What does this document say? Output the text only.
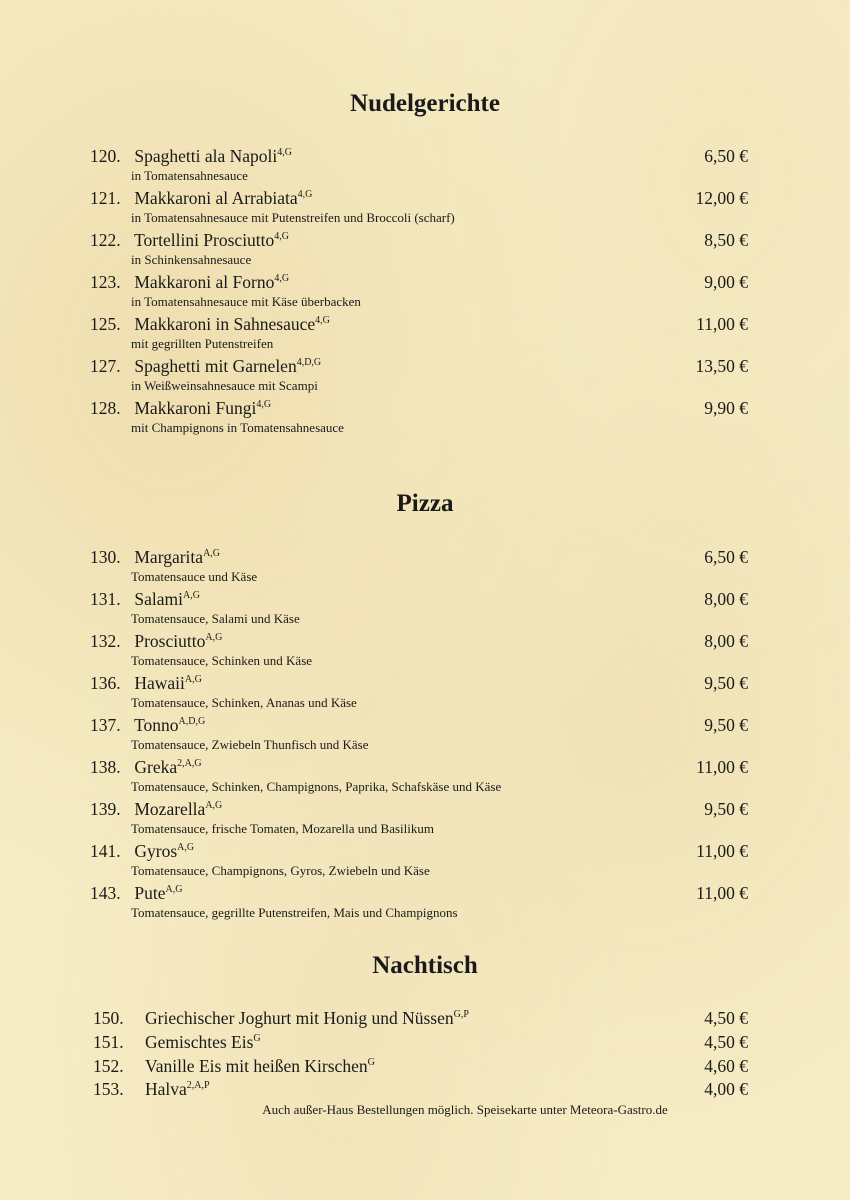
Nudelgerichte
120. Spaghetti ala Napoli$^{4,G}$	6,50 €
in Tomatensahnesauce
121. Makkaroni al Arrabiata$^{4,G}$	12,00 €
in Tomatensahnesauce mit Putenstreifen und Broccoli (scharf)
122. Tortellini Prosciutto$^{4,G}$	8,50 €
in Schinkensahnesauce
123. Makkaroni al Forno$^{4,G}$	9,00 €
in Tomatensahnesauce mit Käse überbacken
125. Makkaroni in Sahnesauce$^{4,G}$	11,00 €
mit gegrillten Putenstreifen
127. Spaghetti mit Garnelen$^{4,D,G}$	13,50 €
in Weißweinsahnesauce mit Scampi
128. Makkaroni Fungi$^{4,G}$	9,90 €
mit Champignons in Tomatensahnesauce
Pizza
130. Margarita$^{A,G}$	6,50 €
Tomatensauce und Käse
131. Salami$^{A,G}$	8,00 €
Tomatensauce, Salami und Käse
132. Prosciutto$^{A,G}$	8,00 €
Tomatensauce, Schinken und Käse
136. Hawaii$^{A,G}$	9,50 €
Tomatensauce, Schinken, Ananas und Käse
137. Tonno$^{A,D,G}$	9,50 €
Tomatensauce, Zwiebeln Thunfisch und Käse
138. Greka$^{2,A,G}$	11,00 €
Tomatensauce, Schinken, Champignons, Paprika, Schafskäse und Käse
139. Mozarella$^{A,G}$	9,50 €
Tomatensauce, frische Tomaten, Mozarella und Basilikum
141. Gyros$^{A,G}$	11,00 €
Tomatensauce, Champignons, Gyros, Zwiebeln und Käse
143. Pute$^{A,G}$	11,00 €
Tomatensauce, gegrillte Putenstreifen, Mais und Champignons
Nachtisch
150. Griechischer Joghurt mit Honig und Nüssen$^{G,P}$	4,50 €
151. Gemischtes Eis$^G$	4,50 €
152. Vanille Eis mit heißen Kirschen$^G$	4,60 €
153. Halva$^{2,A,P}$	4,00 €
Auch außer-Haus Bestellungen möglich. Speisekarte unter Meteora-Gastro.de
